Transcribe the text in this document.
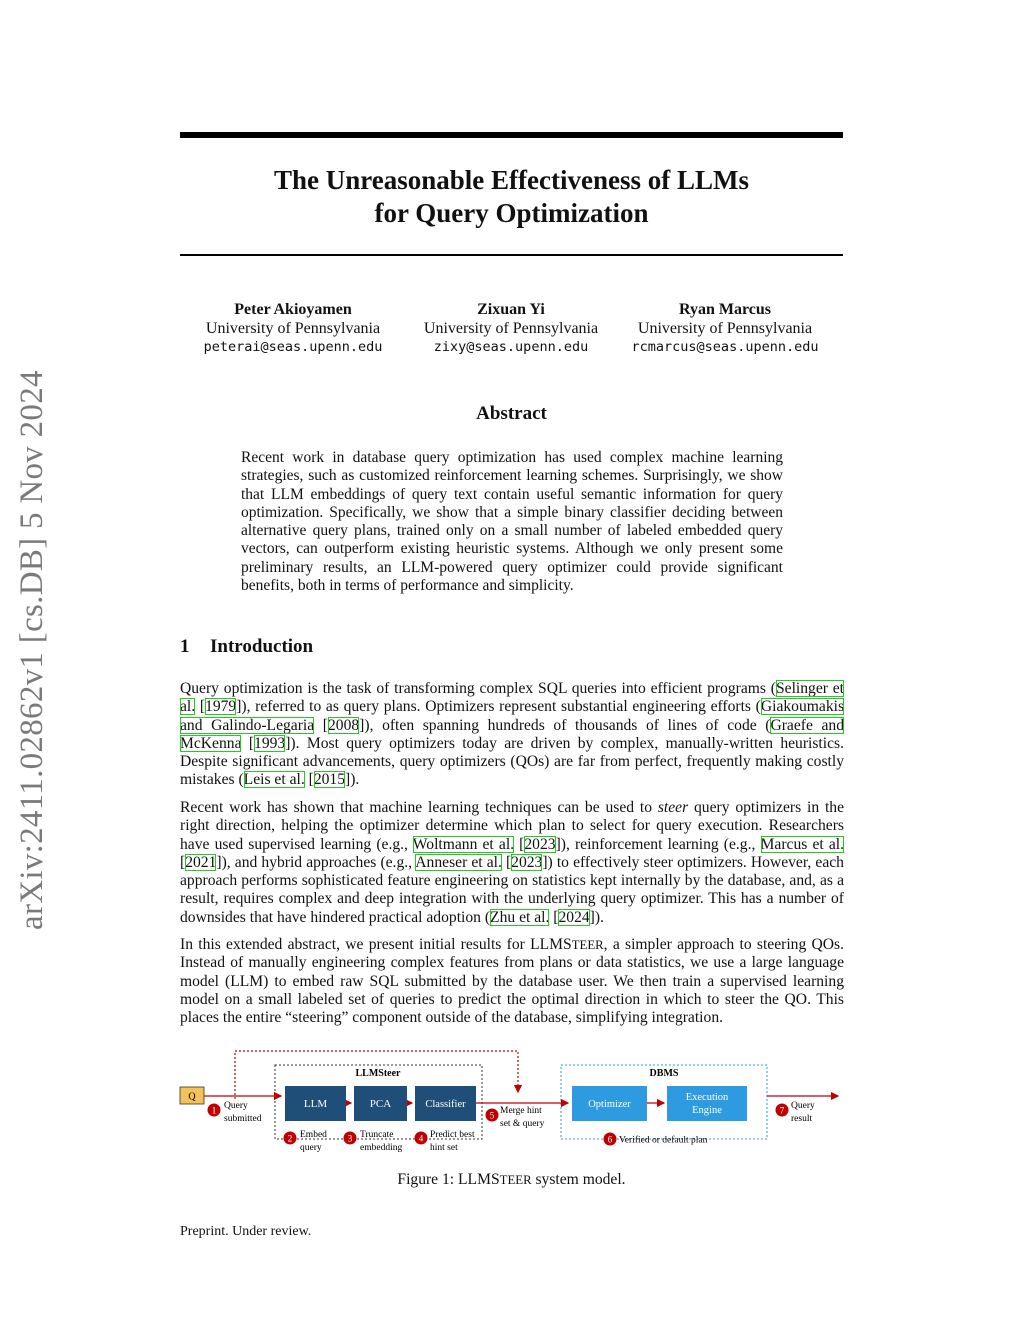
arXiv:2411.02862v1 [cs.DB] 5 Nov 2024
The Unreasonable Effectiveness of LLMs
for Query Optimization
Peter Akioyamen
University of Pennsylvania
peterai@seas.upenn.edu
Zixuan Yi
University of Pennsylvania
zixy@seas.upenn.edu
Ryan Marcus
University of Pennsylvania
rcmarcus@seas.upenn.edu
Abstract
Recent work in database query optimization has used complex machine learning strategies, such as customized reinforcement learning schemes. Surprisingly, we show that LLM embeddings of query text contain useful semantic information for query optimization. Specifically, we show that a simple binary classifier deciding between alternative query plans, trained only on a small number of labeled embedded query vectors, can outperform existing heuristic systems. Although we only present some preliminary results, an LLM-powered query optimizer could provide significant benefits, both in terms of performance and simplicity.
1 Introduction
Query optimization is the task of transforming complex SQL queries into efficient programs (Selinger et al. [1979]), referred to as query plans. Optimizers represent substantial engineering efforts (Giakoumakis and Galindo-Legaria [2008]), often spanning hundreds of thousands of lines of code (Graefe and McKenna [1993]). Most query optimizers today are driven by complex, manually-written heuristics. Despite significant advancements, query optimizers (QOs) are far from perfect, frequently making costly mistakes (Leis et al. [2015]).
Recent work has shown that machine learning techniques can be used to steer query optimizers in the right direction, helping the optimizer determine which plan to select for query execution. Researchers have used supervised learning (e.g., Woltmann et al. [2023]), reinforcement learning (e.g., Marcus et al. [2021]), and hybrid approaches (e.g., Anneser et al. [2023]) to effectively steer optimizers. However, each approach performs sophisticated feature engineering on statistics kept internally by the database, and, as a result, requires complex and deep integration with the underlying query optimizer. This has a number of downsides that have hindered practical adoption (Zhu et al. [2024]).
In this extended abstract, we present initial results for LLMSTEER, a simpler approach to steering QOs. Instead of manually engineering complex features from plans or data statistics, we use a large language model (LLM) to embed raw SQL submitted by the database user. We then train a supervised learning model on a small labeled set of queries to predict the optimal direction in which to steer the QO. This places the entire “steering” component outside of the database, simplifying integration.
LLMSteer	DBMS
Q
LLM	PCA	Classifier	Optimizer
Execution
Engine
1 Query
submitted
2 Embed
query
3 Truncate
embedding
4 Predict best
hint set
5 Merge hint
set & query
6 Verified or default plan
7 Query
result
Figure 1: LLMSTEER system model.
Preprint. Under review.
